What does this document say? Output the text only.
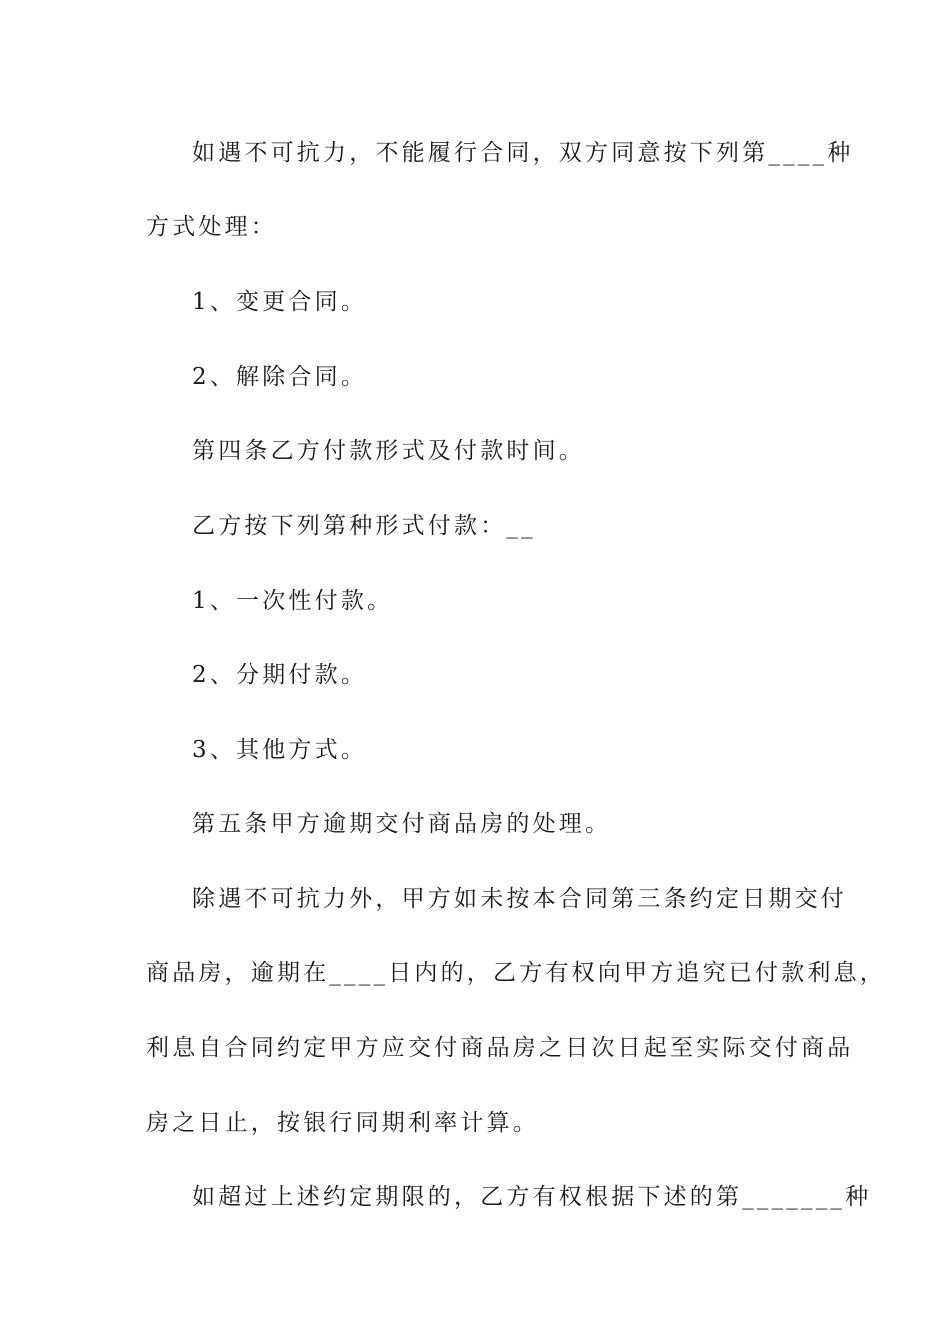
如遇不可抗力，不能履行合同，双方同意按下列第____种
方式处理：
1、变更合同。
2、解除合同。
第四条乙方付款形式及付款时间。
乙方按下列第种形式付款：__
1、一次性付款。
2、分期付款。
3、其他方式。
第五条甲方逾期交付商品房的处理。
除遇不可抗力外，甲方如未按本合同第三条约定日期交付
商品房，逾期在____日内的，乙方有权向甲方追究已付款利息，
利息自合同约定甲方应交付商品房之日次日起至实际交付商品
房之日止，按银行同期利率计算。
如超过上述约定期限的，乙方有权根据下述的第_______种
